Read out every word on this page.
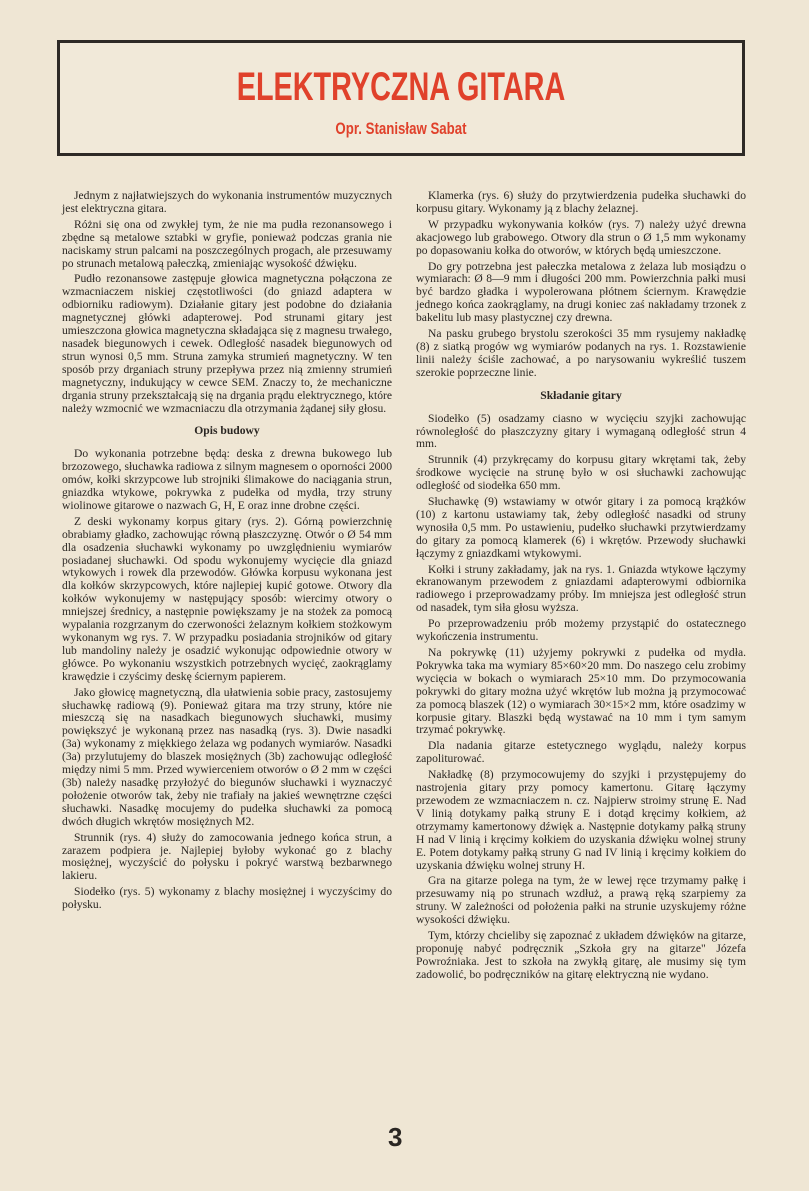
ELEKTRYCZNA GITARA
Opr. Stanisław Sabat

Jednym z najłatwiejszych do wykonania instrumentów muzycznych jest elektryczna gitara.

Różni się ona od zwykłej tym, że nie ma pudła rezonansowego i zbędne są metalowe sztabki w gryfie, ponieważ podczas grania nie naciskamy strun palcami na poszczególnych progach, ale przesuwamy po strunach metalową pałeczką, zmieniając wysokość dźwięku.

Pudło rezonansowe zastępuje głowica magnetyczna połączona ze wzmacniaczem niskiej częstotliwości (do gniazd adaptera w odbiorniku radiowym). Działanie gitary jest podobne do działania magnetycznej główki adapterowej. Pod strunami gitary jest umieszczona głowica magnetyczna składająca się z magnesu trwałego, nasadek biegunowych i cewek. Odległość nasadek biegunowych od strun wynosi 0,5 mm. Struna zamyka strumień magnetyczny. W ten sposób przy drganiach struny przepływa przez nią zmienny strumień magnetyczny, indukujący w cewce SEM. Znaczy to, że mechaniczne drgania struny przekształcają się na drgania prądu elektrycznego, które należy wzmocnić we wzmacniaczu dla otrzymania żądanej siły głosu.

Opis budowy

Do wykonania potrzebne będą: deska z drewna bukowego lub brzozowego, słuchawka radiowa z silnym magnesem o oporności 2000 omów, kołki skrzypcowe lub strojniki ślimakowe do naciągania strun, gniazdka wtykowe, pokrywka z pudełka od mydła, trzy struny wiolinowe gitarowe o nazwach G, H, E oraz inne drobne części.

Z deski wykonamy korpus gitary (rys. 2). Górną powierzchnię obrabiamy gładko, zachowując równą płaszczyznę. Otwór o Ø 54 mm dla osadzenia słuchawki wykonamy po uwzględnieniu wymiarów posiadanej słuchawki. Od spodu wykonujemy wycięcie dla gniazd wtykowych i rowek dla przewodów. Główka korpusu wykonana jest dla kołków skrzypcowych, które najlepiej kupić gotowe. Otwory dla kołków wykonujemy w następujący sposób: wiercimy otwory o mniejszej średnicy, a następnie powiększamy je na stożek za pomocą wypalania rozgrzanym do czerwoności żelaznym kołkiem stożkowym wykonanym wg rys. 7. W przypadku posiadania strojników od gitary lub mandoliny należy je osadzić wykonując odpowiednie otwory w główce. Po wykonaniu wszystkich potrzebnych wycięć, zaokrąglamy krawędzie i czyścimy deskę ściernym papierem.

Jako głowicę magnetyczną, dla ułatwienia sobie pracy, zastosujemy słuchawkę radiową (9). Ponieważ gitara ma trzy struny, które nie mieszczą się na nasadkach biegunowych słuchawki, musimy powiększyć je wykonaną przez nas nasadką (rys. 3). Dwie nasadki (3a) wykonamy z miękkiego żelaza wg podanych wymiarów. Nasadki (3a) przylutujemy do blaszek mosiężnych (3b) zachowując odległość między nimi 5 mm. Przed wywierceniem otworów o Ø 2 mm w części (3b) należy nasadkę przyłożyć do biegunów słuchawki i wyznaczyć położenie otworów tak, żeby nie trafiały na jakieś wewnętrzne części słuchawki. Nasadkę mocujemy do pudełka słuchawki za pomocą dwóch długich wkrętów mosiężnych M2.

Strunnik (rys. 4) służy do zamocowania jednego końca strun, a zarazem podpiera je. Najlepiej byłoby wykonać go z blachy mosiężnej, wyczyścić do połysku i pokryć warstwą bezbarwnego lakieru.

Siodełko (rys. 5) wykonamy z blachy mosiężnej i wyczyścimy do połysku.

Klamerka (rys. 6) służy do przytwierdzenia pudełka słuchawki do korpusu gitary. Wykonamy ją z blachy żelaznej.

W przypadku wykonywania kołków (rys. 7) należy użyć drewna akacjowego lub grabowego. Otwory dla strun o Ø 1,5 mm wykonamy po dopasowaniu kołka do otworów, w których będą umieszczone.

Do gry potrzebna jest pałeczka metalowa z żelaza lub mosiądzu o wymiarach: Ø 8—9 mm i długości 200 mm. Powierzchnia pałki musi być bardzo gładka i wypolerowana płótnem ściernym. Krawędzie jednego końca zaokrąglamy, na drugi koniec zaś nakładamy trzonek z bakelitu lub masy plastycznej czy drewna.

Na pasku grubego brystolu szerokości 35 mm rysujemy nakładkę (8) z siatką progów wg wymiarów podanych na rys. 1. Rozstawienie linii należy ściśle zachować, a po narysowaniu wykreślić tuszem szerokie poprzeczne linie.

Składanie gitary

Siodełko (5) osadzamy ciasno w wycięciu szyjki zachowując równoległość do płaszczyzny gitary i wymaganą odległość strun 4 mm.

Strunnik (4) przykręcamy do korpusu gitary wkrętami tak, żeby środkowe wycięcie na strunę było w osi słuchawki zachowując odległość od siodełka 650 mm.

Słuchawkę (9) wstawiamy w otwór gitary i za pomocą krążków (10) z kartonu ustawiamy tak, żeby odległość nasadki od struny wynosiła 0,5 mm. Po ustawieniu, pudełko słuchawki przytwierdzamy do gitary za pomocą klamerek (6) i wkrętów. Przewody słuchawki łączymy z gniazdkami wtykowymi.

Kołki i struny zakładamy, jak na rys. 1. Gniazda wtykowe łączymy ekranowanym przewodem z gniazdami adapterowymi odbiornika radiowego i przeprowadzamy próby. Im mniejsza jest odległość strun od nasadek, tym siła głosu wyższa.

Po przeprowadzeniu prób możemy przystąpić do ostatecznego wykończenia instrumentu.

Na pokrywkę (11) użyjemy pokrywki z pudełka od mydła. Pokrywka taka ma wymiary 85×60×20 mm. Do naszego celu zrobimy wycięcia w bokach o wymiarach 25×10 mm. Do przymocowania pokrywki do gitary można użyć wkrętów lub można ją przymocować za pomocą blaszek (12) o wymiarach 30×15×2 mm, które osadzimy w korpusie gitary. Blaszki będą wystawać na 10 mm i tym samym trzymać pokrywkę.

Dla nadania gitarze estetycznego wyglądu, należy korpus zapoliturować.

Nakładkę (8) przymocowujemy do szyjki i przystępujemy do nastrojenia gitary przy pomocy kamertonu. Gitarę łączymy przewodem ze wzmacniaczem n. cz. Najpierw stroimy strunę E. Nad V linią dotykamy pałką struny E i dotąd kręcimy kołkiem, aż otrzymamy kamertonowy dźwięk a. Następnie dotykamy pałką struny H nad V linią i kręcimy kołkiem do uzyskania dźwięku wolnej struny E. Potem dotykamy pałką struny G nad IV linią i kręcimy kołkiem do uzyskania dźwięku wolnej struny H.

Gra na gitarze polega na tym, że w lewej ręce trzymamy pałkę i przesuwamy nią po strunach wzdłuż, a prawą ręką szarpiemy za struny. W zależności od położenia pałki na strunie uzyskujemy różne wysokości dźwięku.

Tym, którzy chcieliby się zapoznać z układem dźwięków na gitarze, proponuję nabyć podręcznik „Szkoła gry na gitarze" Józefa Powroźniaka. Jest to szkoła na zwykłą gitarę, ale musimy się tym zadowolić, bo podręczników na gitarę elektryczną nie wydano.

3
